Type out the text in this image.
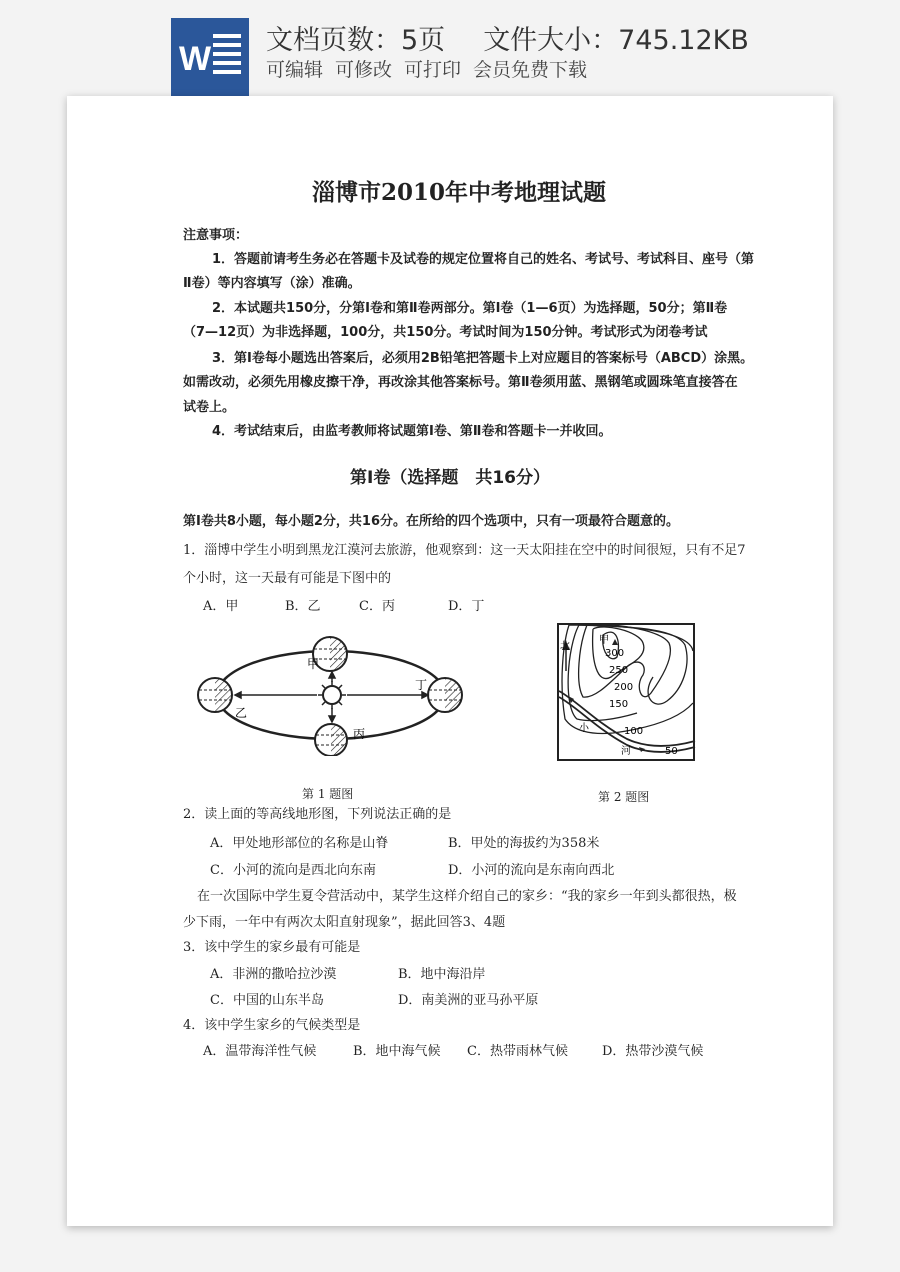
W 文档页数：5页 文件大小：745.12KB
可编辑 可修改 可打印 会员免费下载
淄博市2010年中考地理试题
注意事项：
1．答题前请考生务必在答题卡及试卷的规定位置将自己的姓名、考试号、考试科目、座号（第
Ⅱ卷）等内容填写（涂）准确。
2．本试题共150分，分第Ⅰ卷和第Ⅱ卷两部分。第Ⅰ卷（1—6页）为选择题，50分；第Ⅱ卷
（7—12页）为非选择题，100分，共150分。考试时间为150分钟。考试形式为闭卷考试
3．第Ⅰ卷每小题选出答案后，必须用2B铅笔把答题卡上对应题目的答案标号（ABCD）涂黑。
如需改动，必须先用橡皮擦干净，再改涂其他答案标号。第Ⅱ卷须用蓝、黑钢笔或圆珠笔直接答在
试卷上。
4．考试结束后，由监考教师将试题第Ⅰ卷、第Ⅱ卷和答题卡一并收回。
第Ⅰ卷（选择题　共16分）
第Ⅰ卷共8小题，每小题2分，共16分。在所给的四个选项中，只有一项最符合题意的。
1．淄博中学生小明到黑龙江漠河去旅游，他观察到：这一天太阳挂在空中的时间很短，只有不足7
个小时，这一天最有可能是下图中的
A．甲	B．乙	C．丙	D．丁
甲
乙
丙
丁
北
甲
300
250
200
150
100
50
小
河
第 1 题图	第 2 题图
2．读上面的等高线地形图，下列说法正确的是
A．甲处地形部位的名称是山脊	B．甲处的海拔约为358米
C．小河的流向是西北向东南	D．小河的流向是东南向西北
在一次国际中学生夏令营活动中，某学生这样介绍自己的家乡：“我的家乡一年到头都很热，极
少下雨，一年中有两次太阳直射现象”，据此回答3、4题
3．该中学生的家乡最有可能是
A．非洲的撒哈拉沙漠	B．地中海沿岸
C．中国的山东半岛	D．南美洲的亚马孙平原
4．该中学生家乡的气候类型是
A．温带海洋性气候	B．地中海气候 C．热带雨林气候	D．热带沙漠气候
